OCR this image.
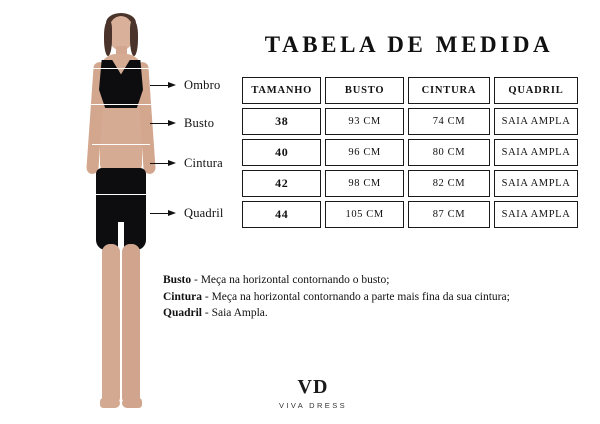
Ombro
Busto
Cintura
Quadril
TABELA DE MEDIDA
TAMANHO	BUSTO	CINTURA	QUADRIL
38	93 CM	74 CM	SAIA AMPLA
40	96 CM	80 CM	SAIA AMPLA
42	98 CM	82 CM	SAIA AMPLA
44	105 CM	87 CM	SAIA AMPLA
Busto - Meça na horizontal contornando o busto;
Cintura - Meça na horizontal contornando a parte mais fina da sua cintura;
Quadril - Saia Ampla.
VD
VIVA DRESS
